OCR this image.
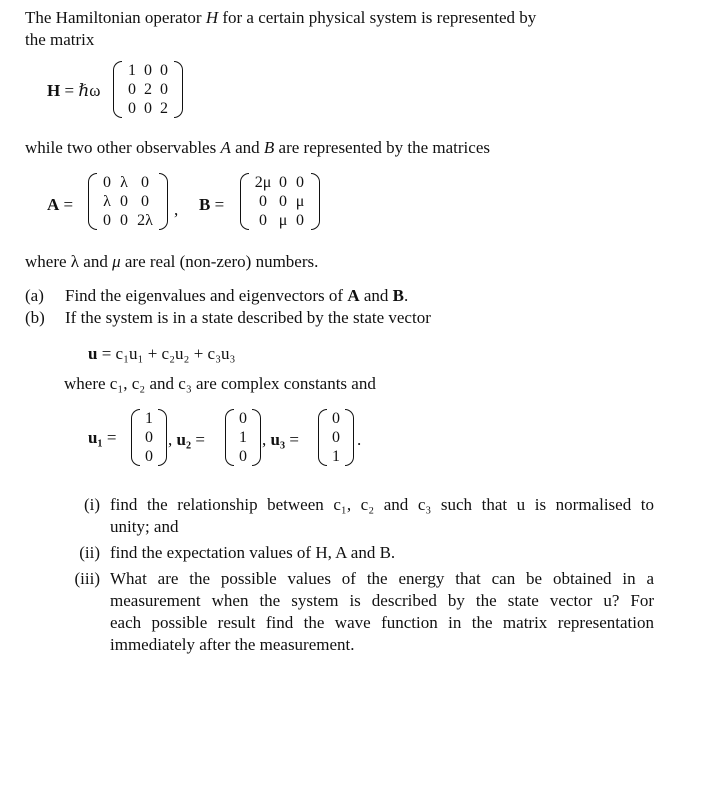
The Hamiltonian operator H for a certain physical system is represented by
the matrix
H = ℏω
1 0 0
0 2 0
0 0 2
while two other observables A and B are represented by the matrices
A =
0 λ 0
λ 0 0
0 0 2λ
, B =
2μ 0 0
0 0 μ
0 μ 0
where λ and μ are real (non-zero) numbers.
(a) Find the eigenvalues and eigenvectors of A and B.
(b) If the system is in a state described by the state vector
u = c₁u₁ + c₂u₂ + c₃u₃
where c₁, c₂ and c₃ are complex constants and
u₁ =
1
0
0
, u₂ =
0
1
0
, u₃ =
0
0
1
.
(i) find the relationship between c₁, c₂ and c₃ such that u is normalised to
unity; and
(ii) find the expectation values of H, A and B.
(iii) What are the possible values of the energy that can be obtained in a
measurement when the system is described by the state vector u? For
each possible result find the wave function in the matrix representation
immediately after the measurement.
